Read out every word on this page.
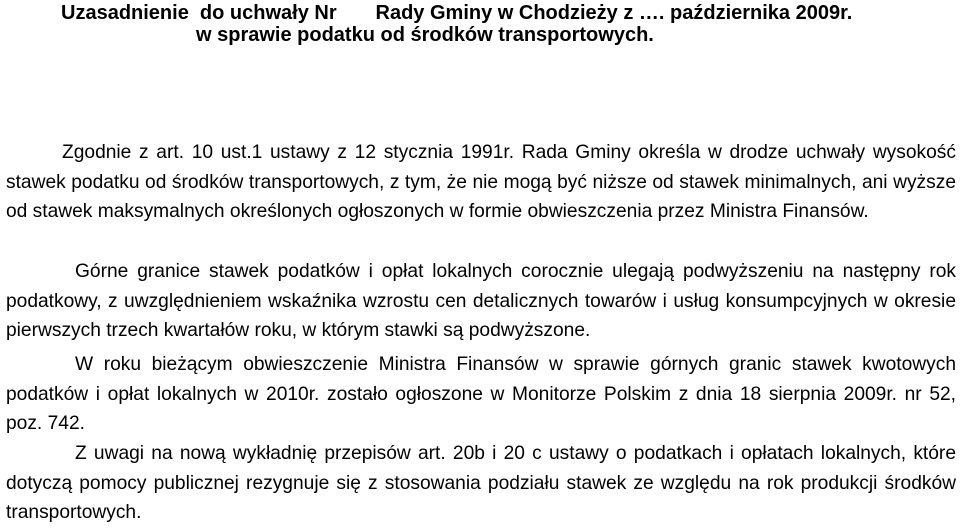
Uzasadnienie  do uchwały Nr       Rady Gminy w Chodzieży z …. października 2009r.
w sprawie podatku od środków transportowych.

Zgodnie z art. 10 ust.1 ustawy z 12 stycznia 1991r. Rada Gminy określa w drodze uchwały wysokość stawek podatku od środków transportowych, z tym, że nie mogą być niższe od stawek minimalnych, ani wyższe od stawek maksymalnych określonych ogłoszonych w formie obwieszczenia przez Ministra Finansów.

Górne granice stawek podatków i opłat lokalnych corocznie ulegają podwyższeniu na następny rok podatkowy, z uwzględnieniem wskaźnika wzrostu cen detalicznych towarów i usług konsumpcyjnych w okresie pierwszych trzech kwartałów roku, w którym stawki są podwyższone.

W roku bieżącym obwieszczenie Ministra Finansów w sprawie górnych granic stawek kwotowych podatków i opłat lokalnych w 2010r. zostało ogłoszone w Monitorze Polskim z dnia 18 sierpnia 2009r. nr 52, poz. 742.

Z uwagi na nową wykładnię przepisów art. 20b i 20 c ustawy o podatkach i opłatach lokalnych, które dotyczą pomocy publicznej rezygnuje się z stosowania podziału stawek ze względu na rok produkcji środków transportowych.
